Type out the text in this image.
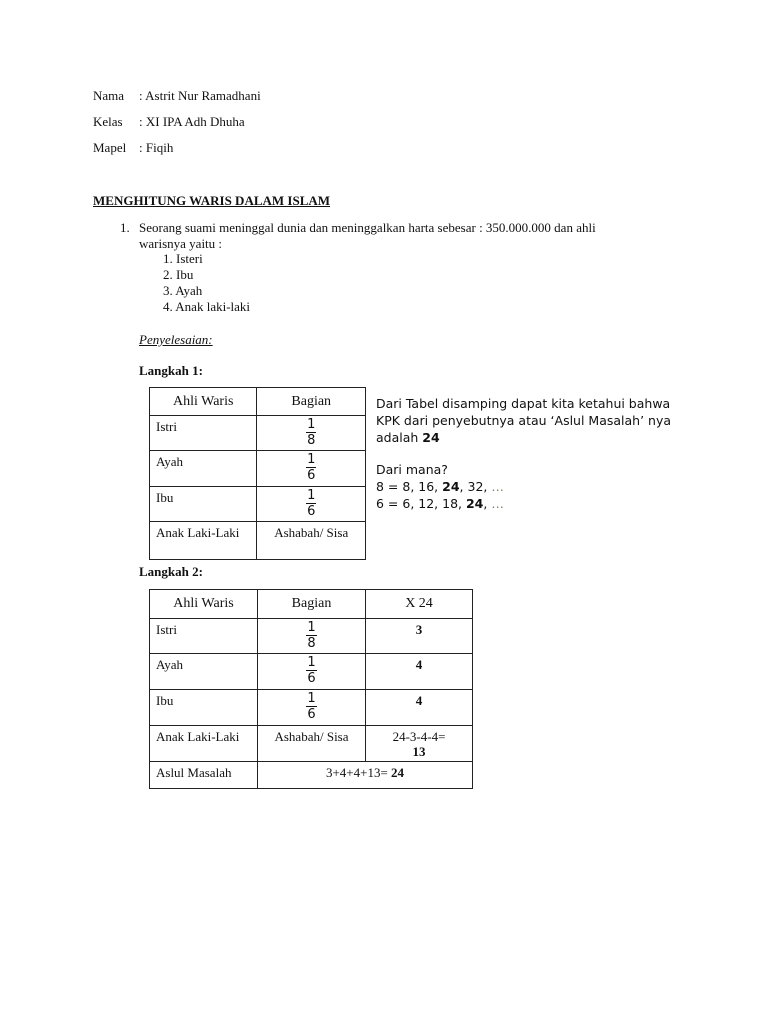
Nama : Astrit Nur Ramadhani
Kelas : XI IPA Adh Dhuha
Mapel : Fiqih
MENGHITUNG WARIS DALAM ISLAM
1. Seorang suami meninggal dunia dan meninggalkan harta sebesar : 350.000.000 dan ahli
warisnya yaitu :
1. Isteri
2. Ibu
3. Ayah
4. Anak laki-laki
Penyelesaian:
Langkah 1:
Ahli Waris	Bagian
Istri	$\frac{1}{8}$

Ayah	$\frac{1}{6}$

Ibu	$\frac{1}{6}$

Anak Laki-Laki	Ashabah/ Sisa
Dari Tabel disamping dapat kita ketahui bahwa
KPK dari penyebutnya atau ‘Aslul Masalah’ nya
adalah 24
Dari mana?
8 = 8, 16, 24, 32, …
6 = 6, 12, 18, 24, …
Langkah 2:
Ahli Waris	Bagian	X 24
Istri	$\frac{1}{8}$	3
Ayah	$\frac{1}{6}$	4
Ibu	$\frac{1}{6}$	4
Anak Laki-Laki	Ashabah/ Sisa	24-3-4-4=
13

Aslul Masalah	3+4+4+13= 24	
